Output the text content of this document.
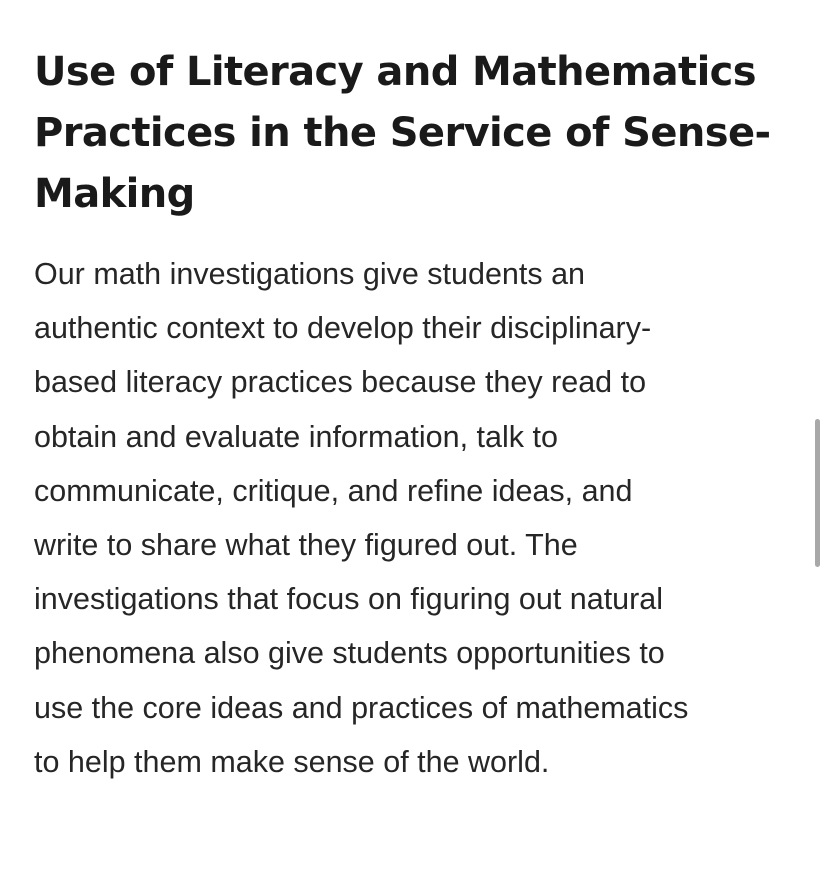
Use of Literacy and Mathematics
Practices in the Service of Sense-
Making

Our math investigations give students an
authentic context to develop their disciplinary-
based literacy practices because they read to
obtain and evaluate information, talk to
communicate, critique, and refine ideas, and
write to share what they figured out. The
investigations that focus on figuring out natural
phenomena also give students opportunities to
use the core ideas and practices of mathematics
to help them make sense of the world.
